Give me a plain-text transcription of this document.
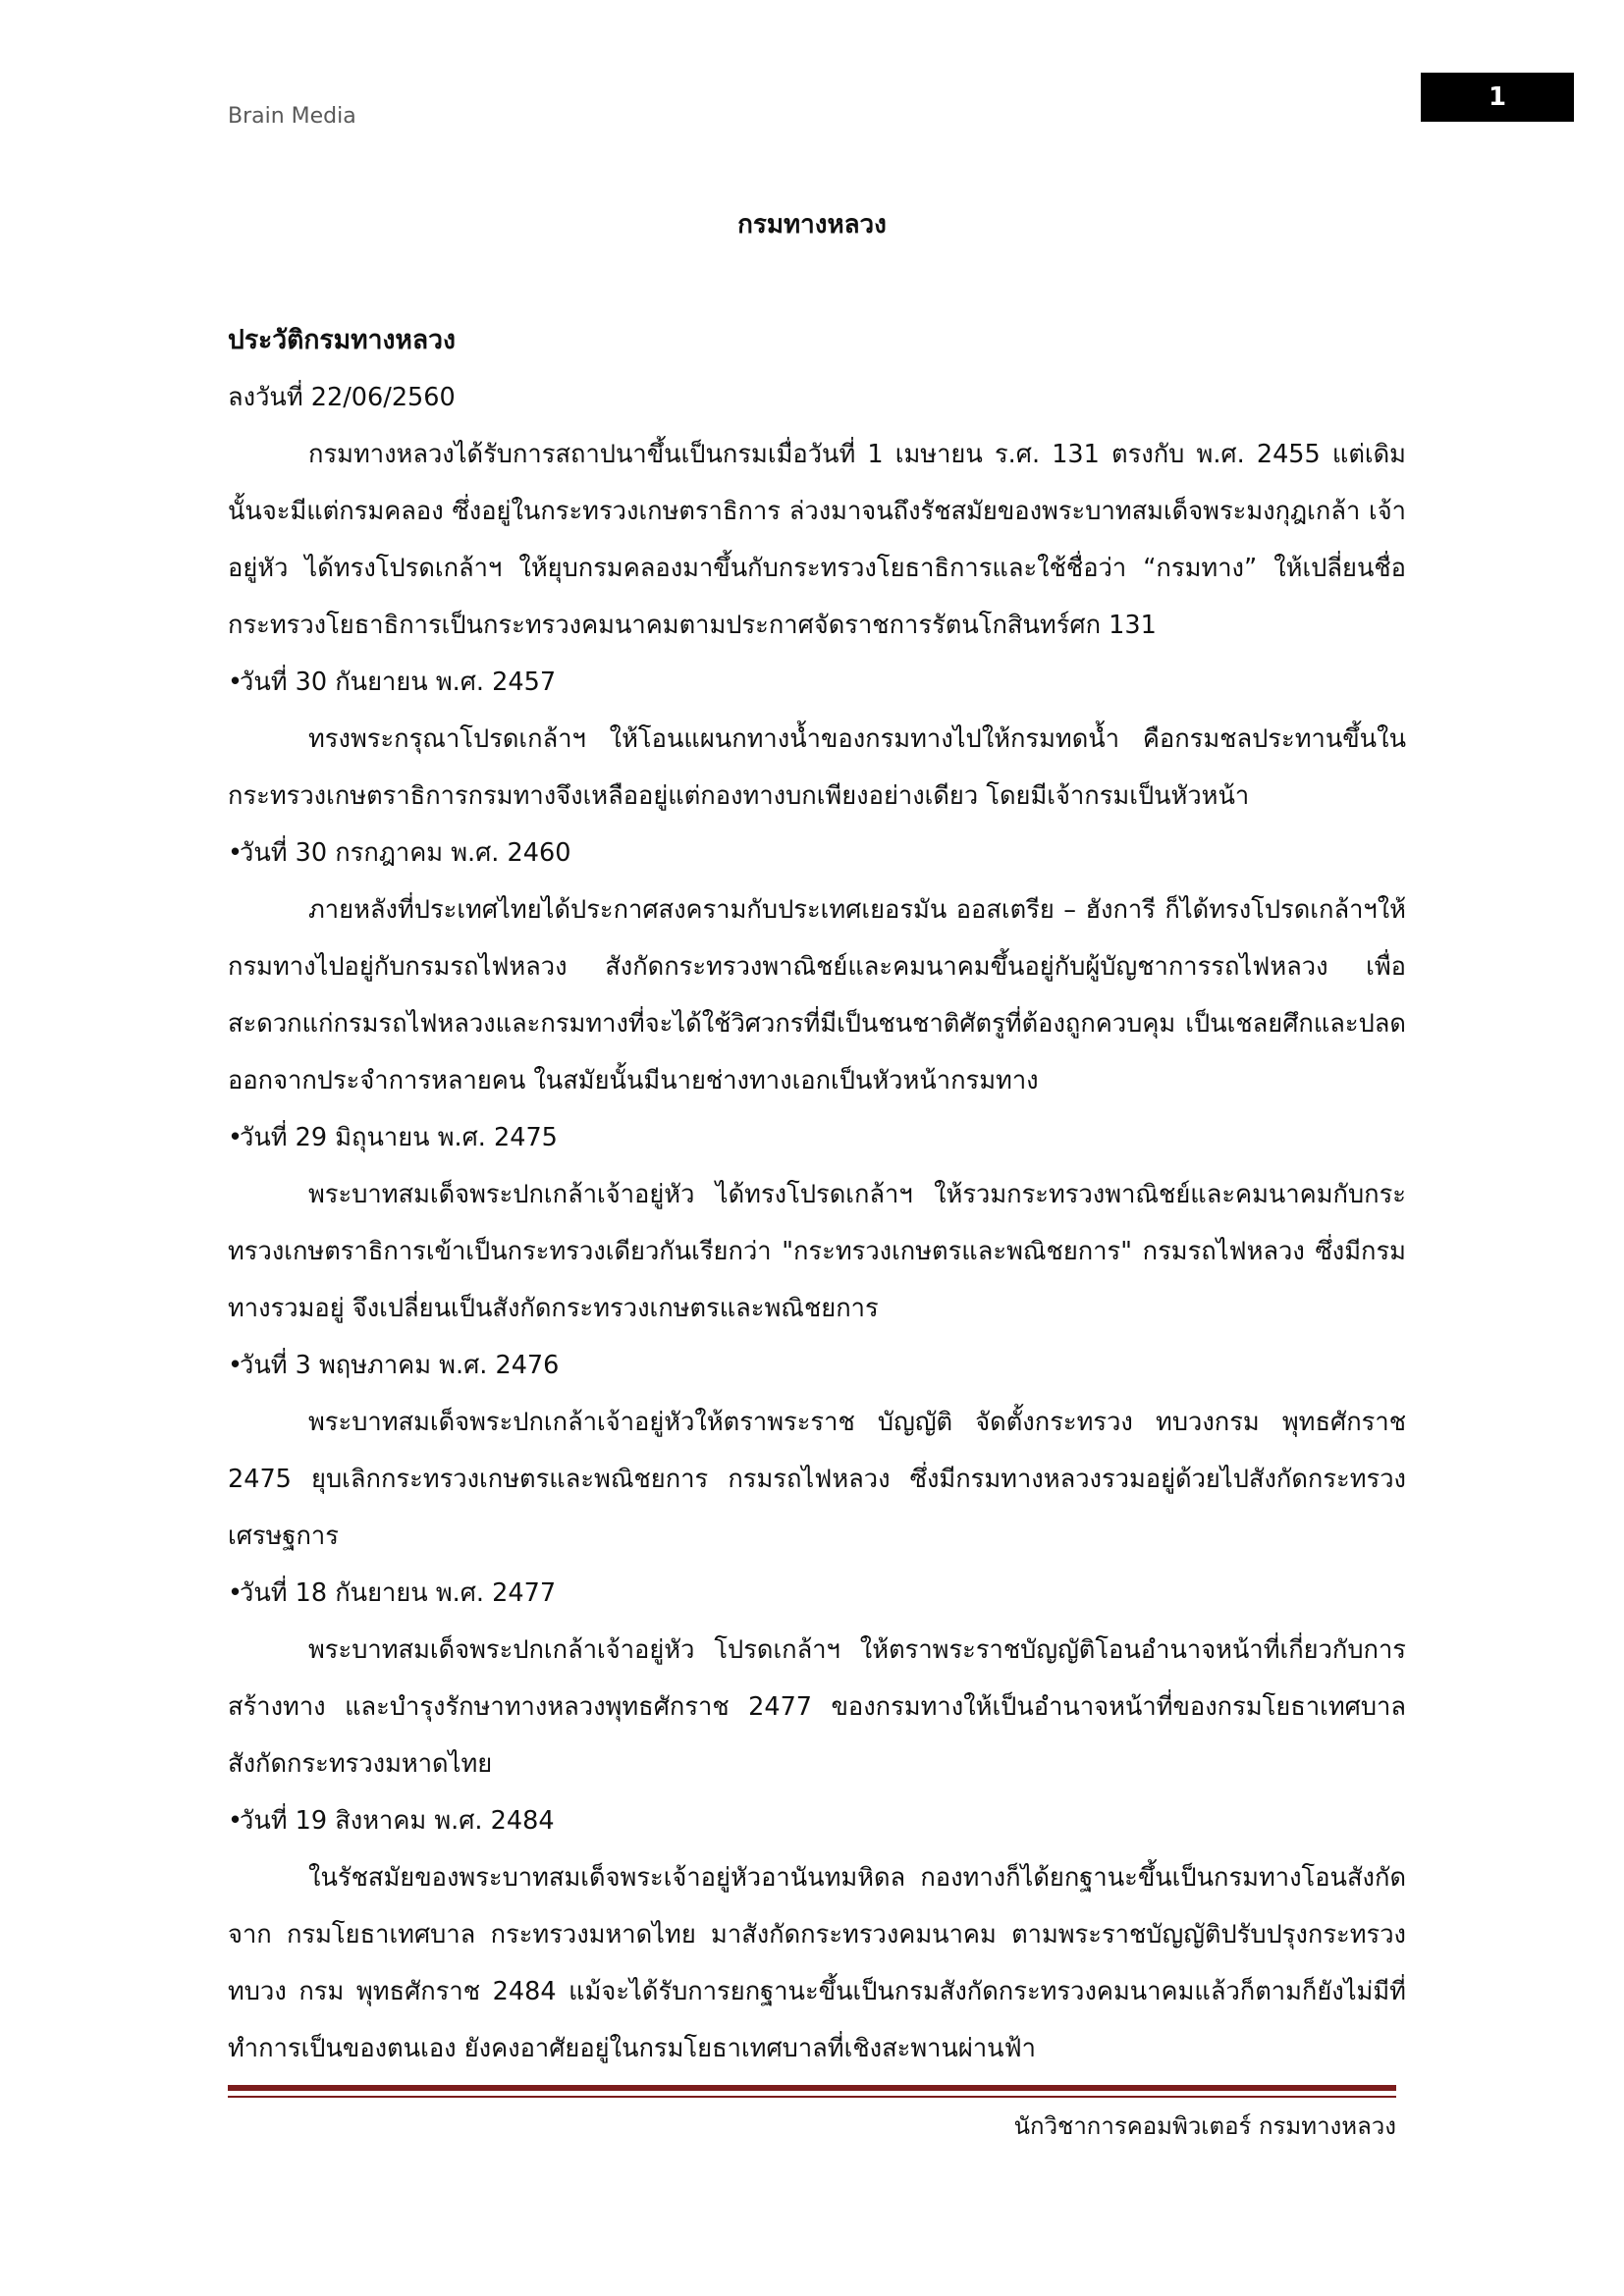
Brain Media
1
กรมทางหลวง

ประวัติกรมทางหลวง

ลงวันที่ 22/06/2560

กรมทางหลวงได้รับการสถาปนาขึ้นเป็นกรมเมื่อวันที่ 1 เมษายน ร.ศ. 131 ตรงกับ พ.ศ. 2455 แต่เดิมนั้นจะมีแต่กรมคลอง ซึ่งอยู่ในกระทรวงเกษตราธิการ ล่วงมาจนถึงรัชสมัยของพระบาทสมเด็จพระมงกุฎเกล้า เจ้าอยู่หัว ได้ทรงโปรดเกล้าฯ ให้ยุบกรมคลองมาขึ้นกับกระทรวงโยธาธิการและใช้ชื่อว่า “กรมทาง” ให้เปลี่ยนชื่อกระทรวงโยธาธิการเป็นกระทรวงคมนาคมตามประกาศจัดราชการรัตนโกสินทร์ศก 131

•วันที่ 30 กันยายน พ.ศ. 2457

ทรงพระกรุณาโปรดเกล้าฯ ให้โอนแผนกทางน้ำของกรมทางไปให้กรมทดน้ำ คือกรมชลประทานขึ้นในกระทรวงเกษตราธิการกรมทางจึงเหลืออยู่แต่กองทางบกเพียงอย่างเดียว โดยมีเจ้ากรมเป็นหัวหน้า

•วันที่ 30 กรกฎาคม พ.ศ. 2460

ภายหลังที่ประเทศไทยได้ประกาศสงครามกับประเทศเยอรมัน ออสเตรีย – ฮังการี ก็ได้ทรงโปรดเกล้าฯให้กรมทางไปอยู่กับกรมรถไฟหลวง สังกัดกระทรวงพาณิชย์และคมนาคมขึ้นอยู่กับผู้บัญชาการรถไฟหลวง เพื่อสะดวกแก่กรมรถไฟหลวงและกรมทางที่จะได้ใช้วิศวกรที่มีเป็นชนชาติศัตรูที่ต้องถูกควบคุม เป็นเชลยศึกและปลดออกจากประจำการหลายคน ในสมัยนั้นมีนายช่างทางเอกเป็นหัวหน้ากรมทาง

•วันที่ 29 มิถุนายน พ.ศ. 2475

พระบาทสมเด็จพระปกเกล้าเจ้าอยู่หัว ได้ทรงโปรดเกล้าฯ ให้รวมกระทรวงพาณิชย์และคมนาคมกับกระทรวงเกษตราธิการเข้าเป็นกระทรวงเดียวกันเรียกว่า "กระทรวงเกษตรและพณิชยการ" กรมรถไฟหลวง ซึ่งมีกรมทางรวมอยู่ จึงเปลี่ยนเป็นสังกัดกระทรวงเกษตรและพณิชยการ

•วันที่ 3 พฤษภาคม พ.ศ. 2476

พระบาทสมเด็จพระปกเกล้าเจ้าอยู่หัวให้ตราพระราช บัญญัติ จัดตั้งกระทรวง ทบวงกรม พุทธศักราช 2475 ยุบเลิกกระทรวงเกษตรและพณิชยการ กรมรถไฟหลวง ซึ่งมีกรมทางหลวงรวมอยู่ด้วยไปสังกัดกระทรวงเศรษฐการ

•วันที่ 18 กันยายน พ.ศ. 2477

พระบาทสมเด็จพระปกเกล้าเจ้าอยู่หัว โปรดเกล้าฯ ให้ตราพระราชบัญญัติโอนอำนาจหน้าที่เกี่ยวกับการสร้างทาง และบำรุงรักษาทางหลวงพุทธศักราช 2477 ของกรมทางให้เป็นอำนาจหน้าที่ของกรมโยธาเทศบาล สังกัดกระทรวงมหาดไทย

•วันที่ 19 สิงหาคม พ.ศ. 2484

ในรัชสมัยของพระบาทสมเด็จพระเจ้าอยู่หัวอานันทมหิดล กองทางก็ได้ยกฐานะขึ้นเป็นกรมทางโอนสังกัดจาก กรมโยธาเทศบาล กระทรวงมหาดไทย มาสังกัดกระทรวงคมนาคม ตามพระราชบัญญัติปรับปรุงกระทรวง ทบวง กรม พุทธศักราช 2484 แม้จะได้รับการยกฐานะขึ้นเป็นกรมสังกัดกระทรวงคมนาคมแล้วก็ตามก็ยังไม่มีที่ ทำการเป็นของตนเอง ยังคงอาศัยอยู่ในกรมโยธาเทศบาลที่เชิงสะพานผ่านฟ้า

นักวิชาการคอมพิวเตอร์ กรมทางหลวง
